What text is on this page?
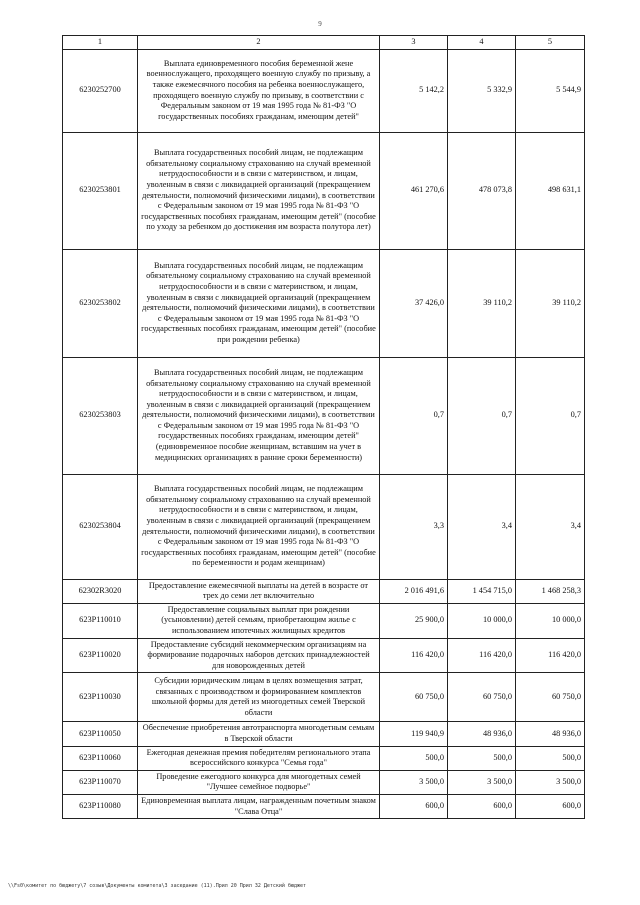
9
1	2	3	4	5
6230252700	Выплата единовременного пособия беременной жене военнослужащего, проходящего военную службу по призыву, а также ежемесячного пособия на ребенка военнослужащего, проходящего военную службу по призыву, в соответствии с Федеральным законом от 19 мая 1995 года № 81-ФЗ "О государственных пособиях гражданам, имеющим детей"	5 142,2	5 332,9	5 544,9
6230253801	Выплата государственных пособий лицам, не подлежащим обязательному социальному страхованию на случай временной нетрудоспособности и в связи с материнством, и лицам, уволенным в связи с ликвидацией организаций (прекращением деятельности, полномочий физическими лицами), в соответствии с Федеральным законом от 19 мая 1995 года № 81-ФЗ "О государственных пособиях гражданам, имеющим детей" (пособие по уходу за ребенком до достижения им возраста полутора лет)	461 270,6	478 073,8	498 631,1
6230253802	Выплата государственных пособий лицам, не подлежащим обязательному социальному страхованию на случай временной нетрудоспособности и в связи с материнством, и лицам, уволенным в связи с ликвидацией организаций (прекращением деятельности, полномочий физическими лицами), в соответствии с Федеральным законом от 19 мая 1995 года № 81-ФЗ "О государственных пособиях гражданам, имеющим детей" (пособие при рождении ребенка)	37 426,0	39 110,2	39 110,2
6230253803	Выплата государственных пособий лицам, не подлежащим обязательному социальному страхованию на случай временной нетрудоспособности и в связи с материнством, и лицам, уволенным в связи с ликвидацией организаций (прекращением деятельности, полномочий физическими лицами), в соответствии с Федеральным законом от 19 мая 1995 года № 81-ФЗ "О государственных пособиях гражданам, имеющим детей" (единовременное пособие женщинам, вставшим на учет в медицинских организациях в ранние сроки беременности)	0,7	0,7	0,7
6230253804	Выплата государственных пособий лицам, не подлежащим обязательному социальному страхованию на случай временной нетрудоспособности и в связи с материнством, и лицам, уволенным в связи с ликвидацией организаций (прекращением деятельности, полномочий физическими лицами), в соответствии с Федеральным законом от 19 мая 1995 года № 81-ФЗ "О государственных пособиях гражданам, имеющим детей" (пособие по беременности и родам женщинам)	3,3	3,4	3,4
62302R3020	Предоставление ежемесячной выплаты на детей в возрасте от трех до семи лет включительно	2 016 491,6	1 454 715,0	1 468 258,3
623P110010	Предоставление социальных выплат при рождении (усыновлении) детей семьям, приобретающим жилье с использованием ипотечных жилищных кредитов	25 900,0	10 000,0	10 000,0
623P110020	Предоставление субсидий некоммерческим организациям на формирование подарочных наборов детских принадлежностей для новорожденных детей	116 420,0	116 420,0	116 420,0
623P110030	Субсидии юридическим лицам в целях возмещения затрат, связанных с производством и формированием комплектов школьной формы для детей из многодетных семей Тверской области	60 750,0	60 750,0	60 750,0
623P110050	Обеспечение приобретения автотранспорта многодетным семьям в Тверской области	119 940,9	48 936,0	48 936,0
623P110060	Ежегодная денежная премия победителям регионального этапа всероссийского конкурса "Семья года"	500,0	500,0	500,0
623P110070	Проведение ежегодного конкурса для многодетных семей "Лучшее семейное подворье"	3 500,0	3 500,0	3 500,0
623P110080	Единовременная выплата лицам, награжденным почетным знаком "Слава Отца"	600,0	600,0	600,0
\\Fs0\комитет по бюджету\7 созыв\Документы комитета\3 заседание (11).Прил 20 Прил 32 Детский бюджет
